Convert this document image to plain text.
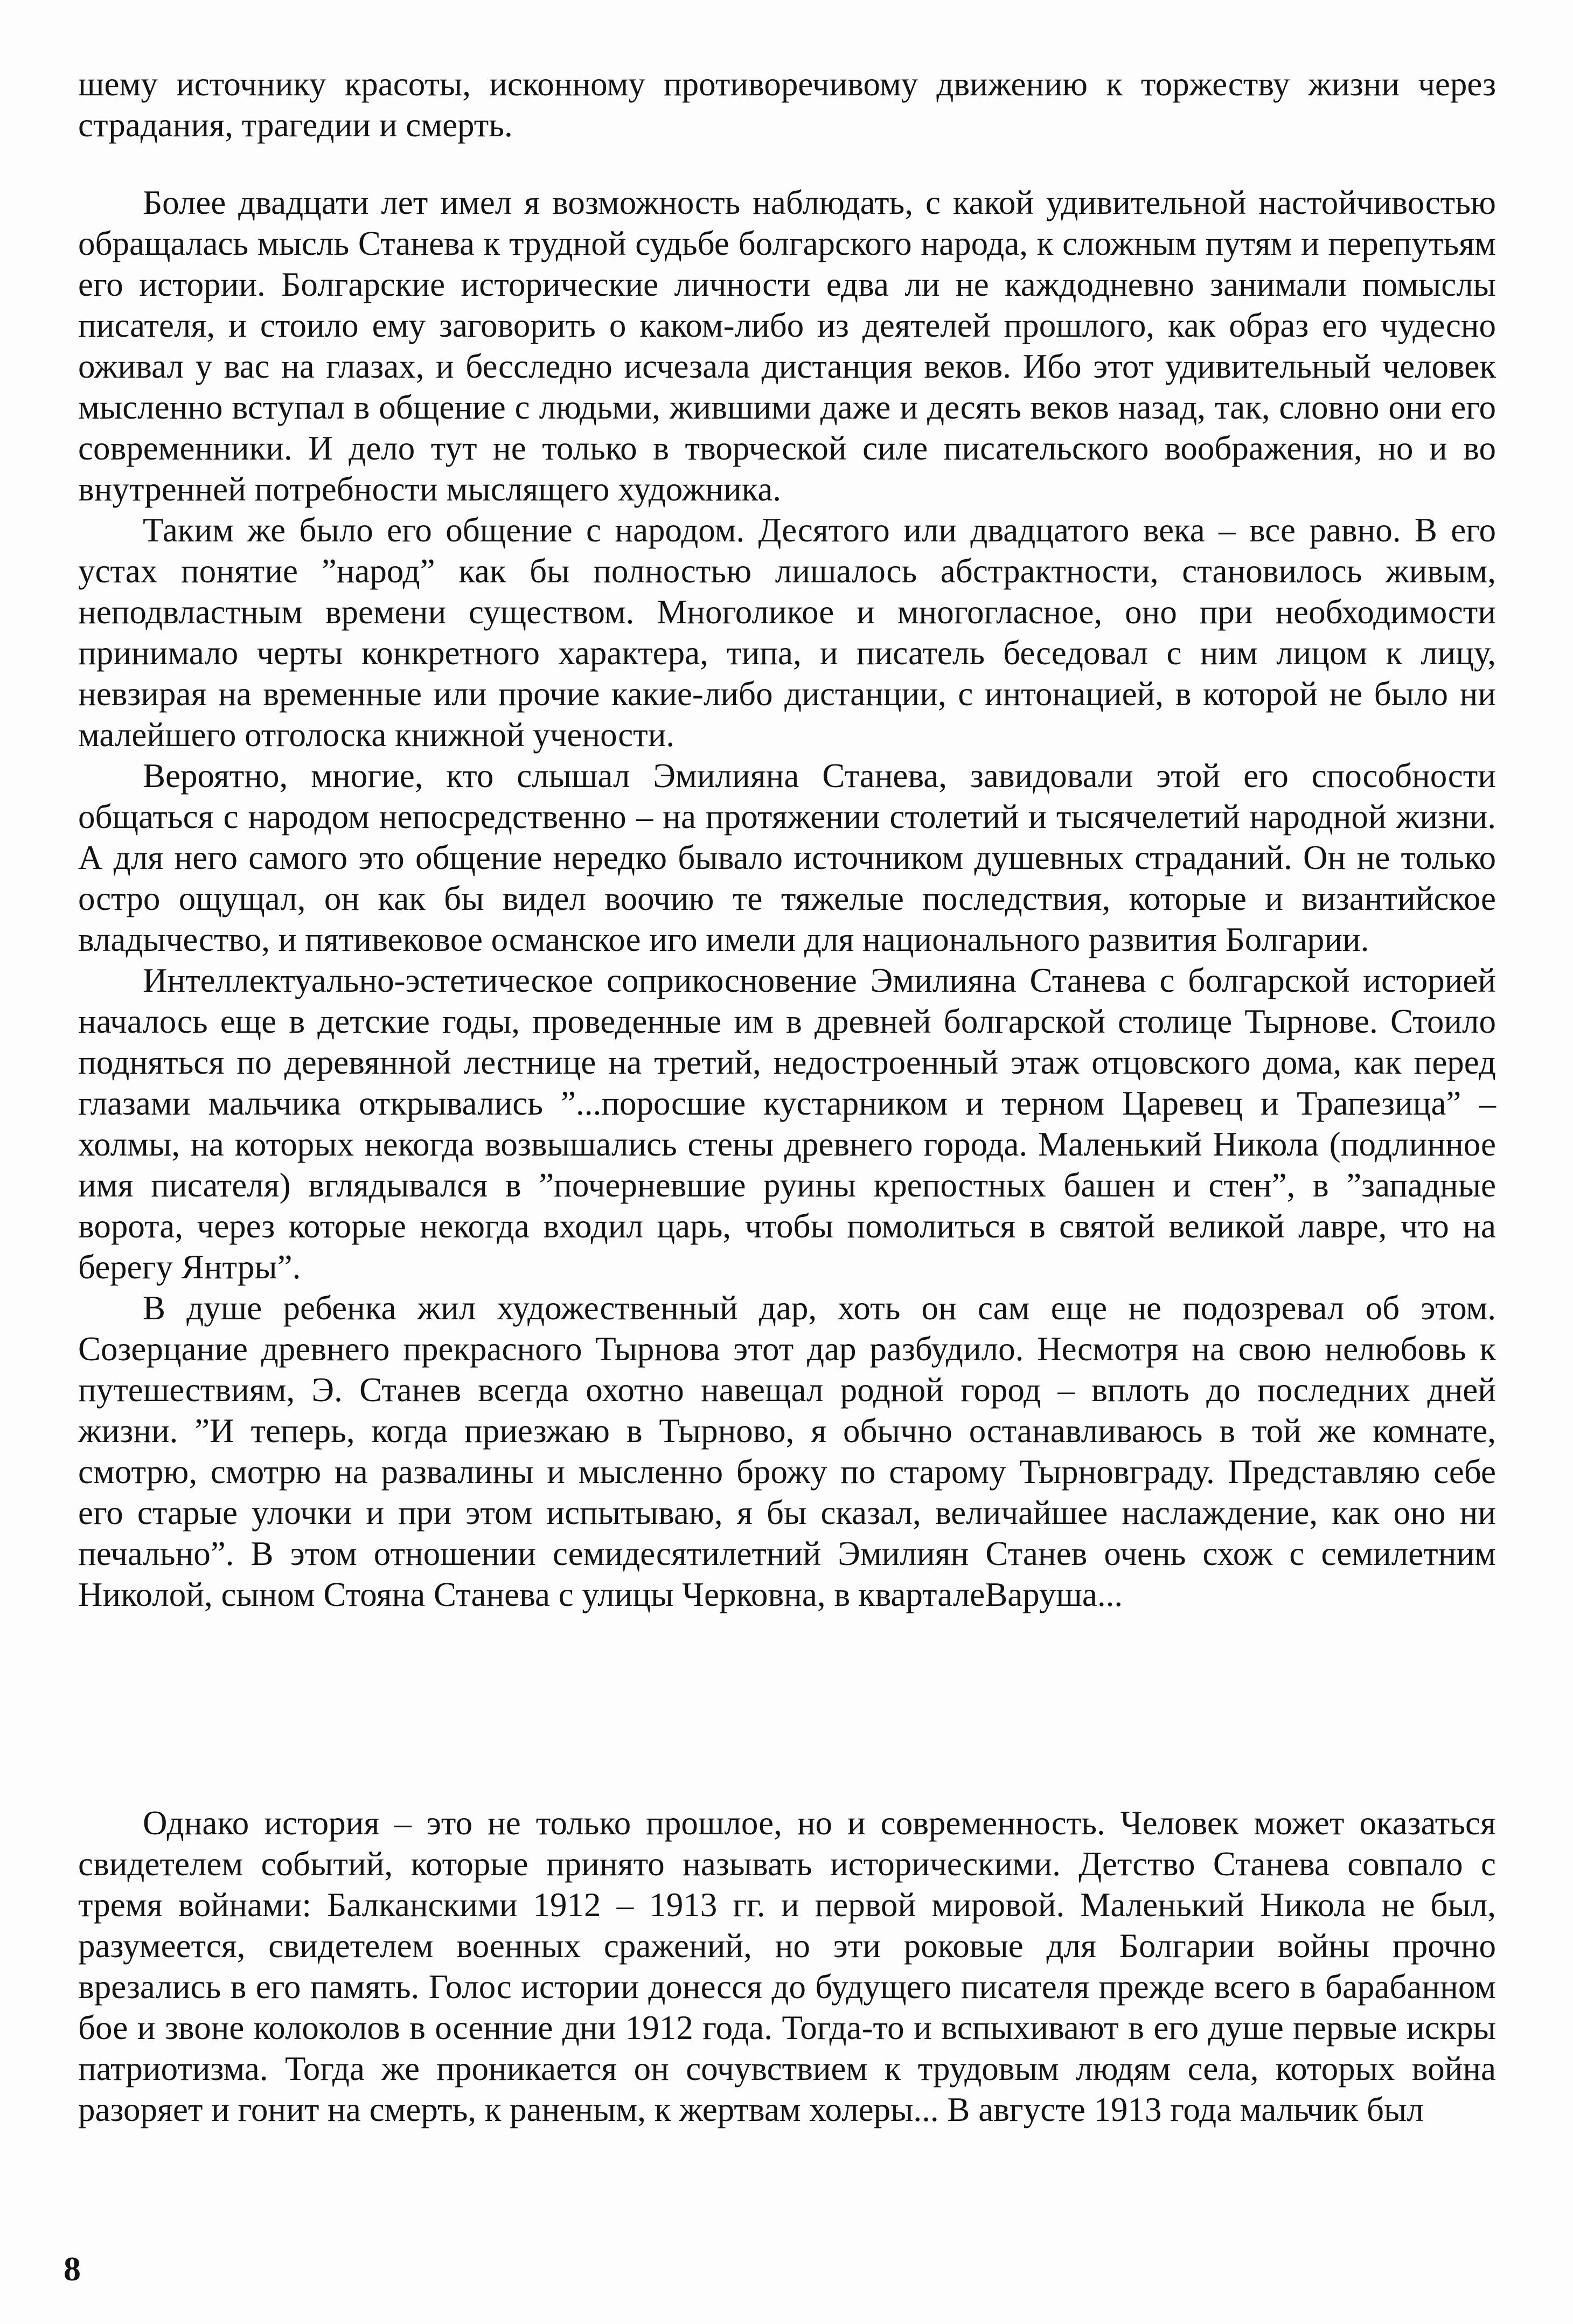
шему источнику красоты, исконному противоречивому движению к торжеству жизни через страдания, трагедии и смерть.

Более двадцати лет имел я возможность наблюдать, с какой удивительной настойчивостью обращалась мысль Станева к трудной судьбе болгарского народа, к сложным путям и перепутьям его истории. Болгарские исторические личности едва ли не каждодневно занимали помыслы писателя, и стоило ему заговорить о каком-либо из деятелей прошлого, как образ его чудесно оживал у вас на глазах, и бесследно исчезала дистанция веков. Ибо этот удивительный человек мысленно вступал в общение с людьми, жившими даже и десять веков назад, так, словно они его современники. И дело тут не только в творческой силе писательского воображения, но и во внутренней потребности мыслящего художника.

Таким же было его общение с народом. Десятого или двадцатого века – все равно. В его устах понятие ”народ” как бы полностью лишалось абстрактности, становилось живым, неподвластным времени существом. Многоликое и многогласное, оно при необходимости принимало черты конкретного характера, типа, и писатель беседовал с ним лицом к лицу, невзирая на временные или прочие какие-либо дистанции, с интонацией, в которой не было ни малейшего отголоска книжной учености.

Вероятно, многие, кто слышал Эмилияна Станева, завидовали этой его способности общаться с народом непосредственно – на протяжении столетий и тысячелетий народной жизни. А для него самого это общение нередко бывало источником душевных страданий. Он не только остро ощущал, он как бы видел воочию те тяжелые последствия, которые и византийское владычество, и пятивековое османское иго имели для национального развития Болгарии.

Интеллектуально-эстетическое соприкосновение Эмилияна Станева с болгарской историей началось еще в детские годы, проведенные им в древней болгарской столице Тырнове. Стоило подняться по деревянной лестнице на третий, недостроенный этаж отцовского дома, как перед глазами мальчика открывались ”...поросшие кустарником и терном Царевец и Трапезица” – холмы, на которых некогда возвышались стены древнего города. Маленький Никола (подлинное имя писателя) вглядывался в ”почерневшие руины крепостных башен и стен”, в ”западные ворота, через которые некогда входил царь, чтобы помолиться в святой великой лавре, что на берегу Янтры”.

В душе ребенка жил художественный дар, хоть он сам еще не подозревал об этом. Созерцание древнего прекрасного Тырнова этот дар разбудило. Несмотря на свою нелюбовь к путешествиям, Э. Станев всегда охотно навещал родной город – вплоть до последних дней жизни. ”И теперь, когда приезжаю в Тырново, я обычно останавливаюсь в той же комнате, смотрю, смотрю на развалины и мысленно брожу по старому Тырновграду. Представляю себе его старые улочки и при этом испытываю, я бы сказал, величайшее наслаждение, как оно ни печально”. В этом отношении семидесятилетний Эмилиян Станев очень схож с семилетним Николой, сыном Стояна Станева с улицы Черковна, в кварталеВаруша...

Однако история – это не только прошлое, но и современность. Человек может оказаться свидетелем событий, которые принято называть историческими. Детство Станева совпало с тремя войнами: Балканскими 1912 – 1913 гг. и первой мировой. Маленький Никола не был, разумеется, свидетелем военных сражений, но эти роковые для Болгарии войны прочно врезались в его память. Голос истории донесся до будущего писателя прежде всего в барабанном бое и звоне колоколов в осенние дни 1912 года. Тогда-то и вспыхивают в его душе первые искры патриотизма. Тогда же проникается он сочувствием к трудовым людям села, которых война разоряет и гонит на смерть, к раненым, к жертвам холеры... В августе 1913 года мальчик был

8
